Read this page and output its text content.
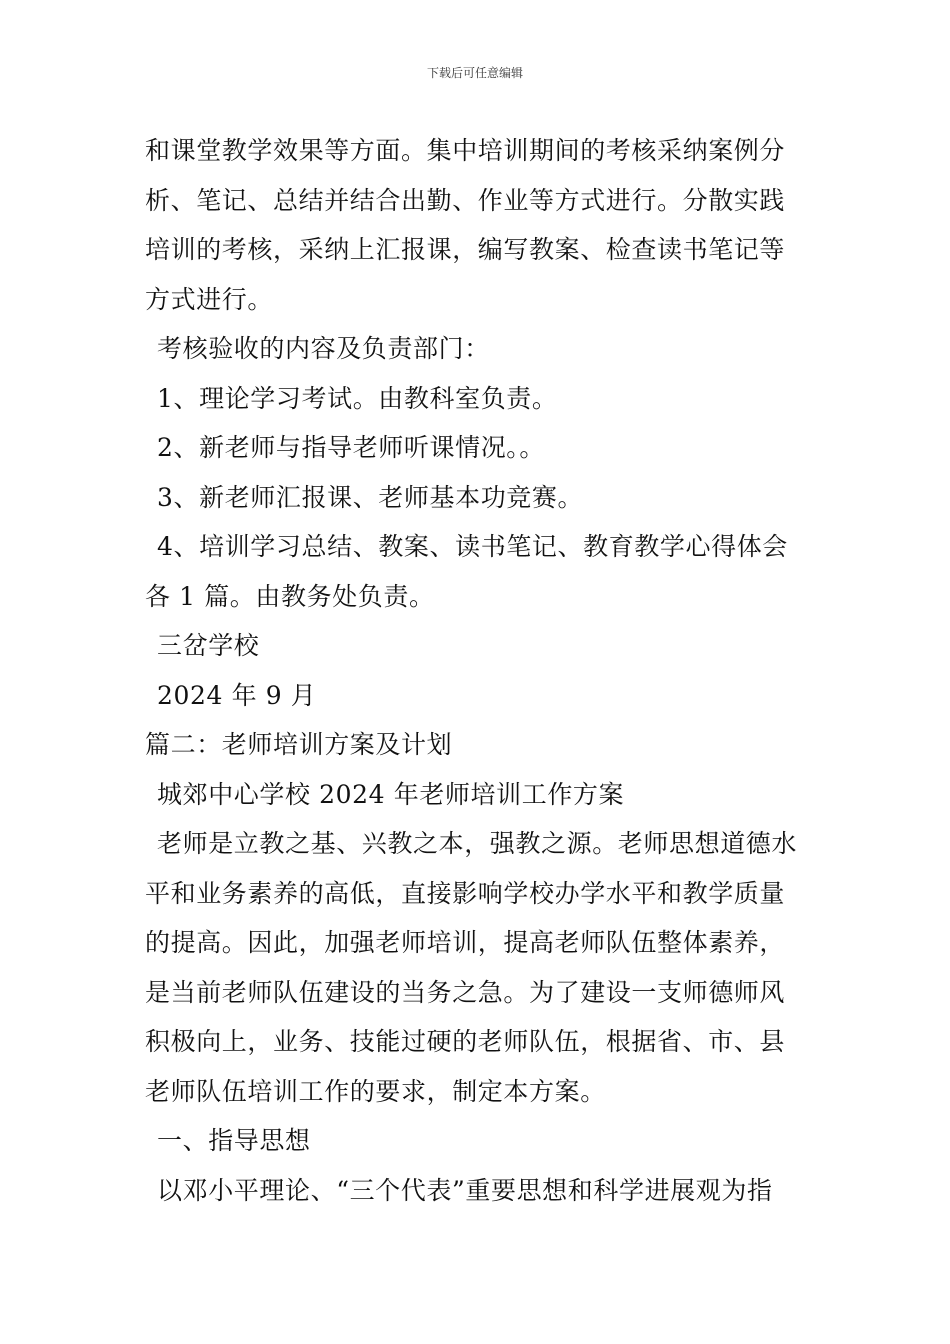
下载后可任意编辑
和课堂教学效果等方面。集中培训期间的考核采纳案例分
析、笔记、总结并结合出勤、作业等方式进行。分散实践
培训的考核，采纳上汇报课，编写教案、检查读书笔记等
方式进行。
考核验收的内容及负责部门：
1、理论学习考试。由教科室负责。
2、新老师与指导老师听课情况。。
3、新老师汇报课、老师基本功竞赛。
4、培训学习总结、教案、读书笔记、教育教学心得体会
各 1 篇。由教务处负责。
三岔学校
2024 年 9 月
篇二：老师培训方案及计划
城郊中心学校 2024 年老师培训工作方案
老师是立教之基、兴教之本，强教之源。老师思想道德水
平和业务素养的高低，直接影响学校办学水平和教学质量
的提高。因此，加强老师培训，提高老师队伍整体素养，
是当前老师队伍建设的当务之急。为了建设一支师德师风
积极向上，业务、技能过硬的老师队伍，根据省、市、县
老师队伍培训工作的要求，制定本方案。
一、指导思想
以邓小平理论、“三个代表”重要思想和科学进展观为指
